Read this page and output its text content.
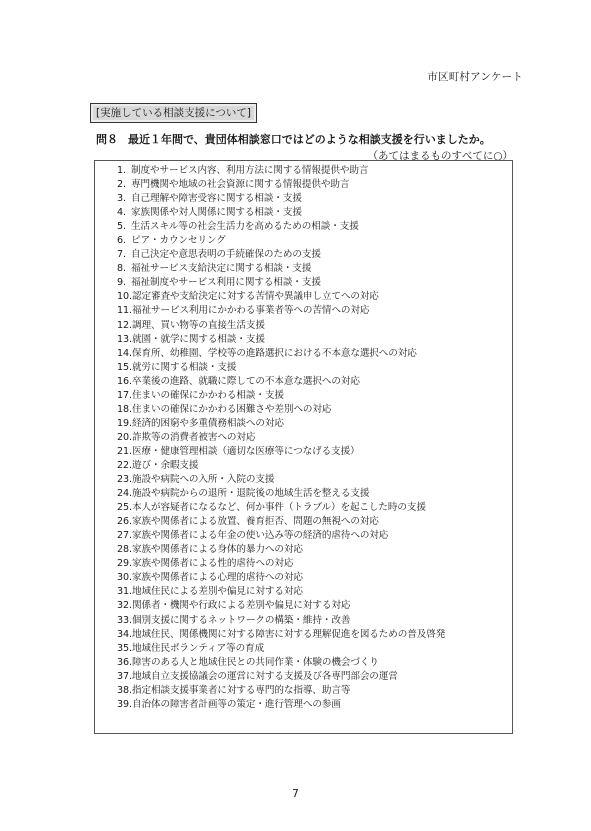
市区町村アンケート
[実施している相談支援について]
問８ 最近１年間で、貴団体相談窓口ではどのような相談支援を行いましたか。
（あてはまるものすべてに○）
1. 制度やサービス内容、利用方法に関する情報提供や助言
2. 専門機関や地域の社会資源に関する情報提供や助言
3. 自己理解や障害受容に関する相談・支援
4. 家族関係や対人関係に関する相談・支援
5. 生活スキル等の社会生活力を高めるための相談・支援
6. ピア・カウンセリング
7. 自己決定や意思表明の手続確保のための支援
8. 福祉サービス支給決定に関する相談・支援
9. 福祉制度やサービス利用に関する相談・支援
10.認定審査や支給決定に対する苦情や異議申し立てへの対応
11.福祉サービス利用にかかわる事業者等への苦情への対応
12.調理、買い物等の直接生活支援
13.就園・就学に関する相談・支援
14.保育所、幼稚園、学校等の進路選択における不本意な選択への対応
15.就労に関する相談・支援
16.卒業後の進路、就職に際しての不本意な選択への対応
17.住まいの確保にかかわる相談・支援
18.住まいの確保にかかわる困難さや差別への対応
19.経済的困窮や多重債務相談への対応
20.詐欺等の消費者被害への対応
21.医療・健康管理相談（適切な医療等につなげる支援）
22.遊び・余暇支援
23.施設や病院への入所・入院の支援
24.施設や病院からの退所・退院後の地域生活を整える支援
25.本人が容疑者になるなど、何か事件（トラブル）を起こした時の支援
26.家族や関係者による放置、養育拒否、問題の無視への対応
27.家族や関係者による年金の使い込み等の経済的虐待への対応
28.家族や関係者による身体的暴力への対応
29.家族や関係者による性的虐待への対応
30.家族や関係者による心理的虐待への対応
31.地域住民による差別や偏見に対する対応
32.関係者・機関や行政による差別や偏見に対する対応
33.個別支援に関するネットワークの構築・維持・改善
34.地域住民、関係機関に対する障害に対する理解促進を図るための普及啓発
35.地域住民ボランティア等の育成
36.障害のある人と地域住民との共同作業・体験の機会づくり
37.地域自立支援協議会の運営に対する支援及び各専門部会の運営
38.指定相談支援事業者に対する専門的な指導、助言等
39.自治体の障害者計画等の策定・進行管理への参画
7
